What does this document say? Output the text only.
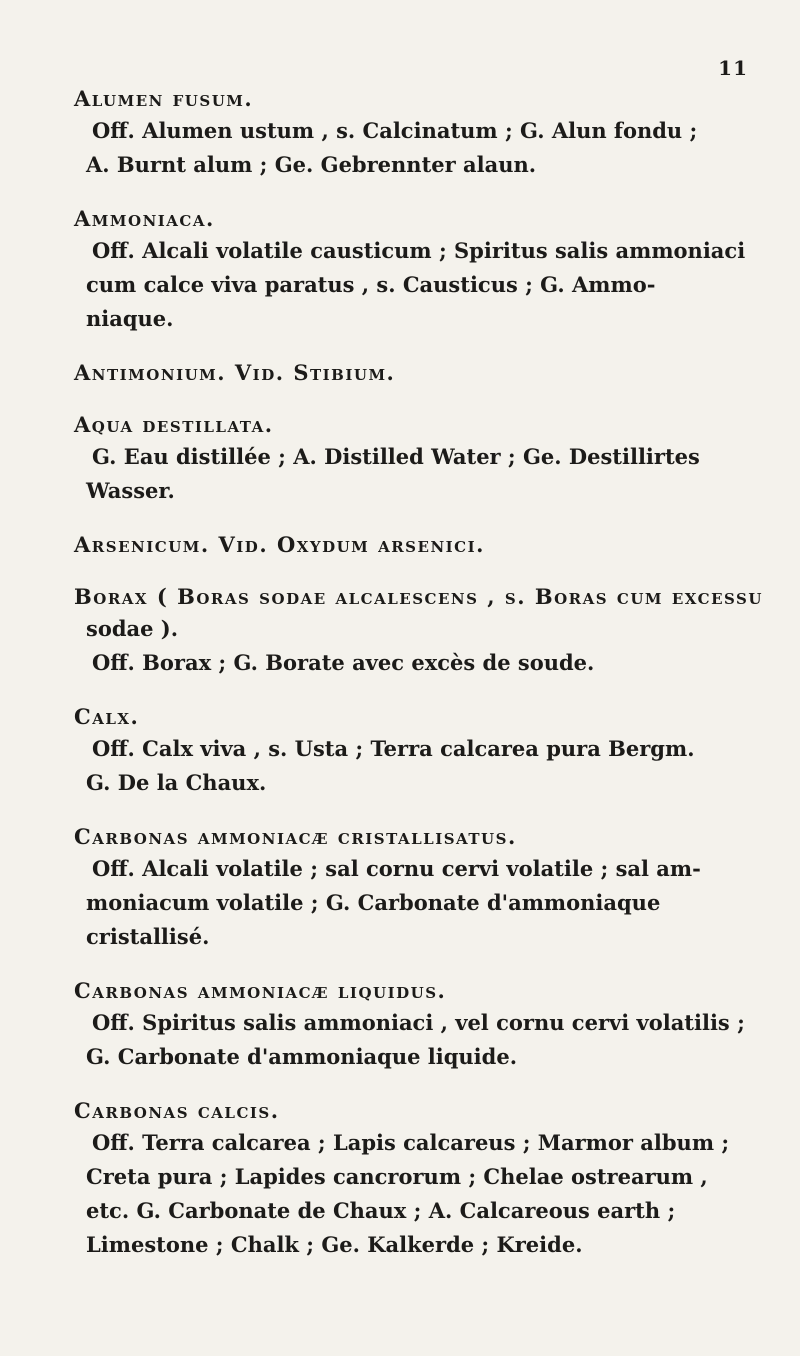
11
Alumen fusum.
Off. Alumen ustum , s. Calcinatum ; G. Alun fondu ;
A. Burnt alum ; Ge. Gebrennter alaun.
Ammoniaca.
Off. Alcali volatile causticum ; Spiritus salis ammoniaci
cum calce viva paratus , s. Causticus ; G. Ammo-
niaque.
Antimonium. Vid. Stibium.
Aqua destillata.
G. Eau distillée ; A. Distilled Water ; Ge. Destillirtes
Wasser.
Arsenicum. Vid. Oxydum arsenici.
Borax ( Boras sodae alcalescens , s. Boras cum excessu
sodae ).
Off. Borax ; G. Borate avec excès de soude.
Calx.
Off. Calx viva , s. Usta ; Terra calcarea pura Bergm.
G. De la Chaux.
Carbonas ammoniacæ cristallisatus.
Off. Alcali volatile ; sal cornu cervi volatile ; sal am-
moniacum volatile ; G. Carbonate d'ammoniaque
cristallisé.
Carbonas ammoniacæ liquidus.
Off. Spiritus salis ammoniaci , vel cornu cervi volatilis ;
G. Carbonate d'ammoniaque liquide.
Carbonas calcis.
Off. Terra calcarea ; Lapis calcareus ; Marmor album ;
Creta pura ; Lapides cancrorum ; Chelae ostrearum ,
etc. G. Carbonate de Chaux ; A. Calcareous earth ;
Limestone ; Chalk ; Ge. Kalkerde ; Kreide.
